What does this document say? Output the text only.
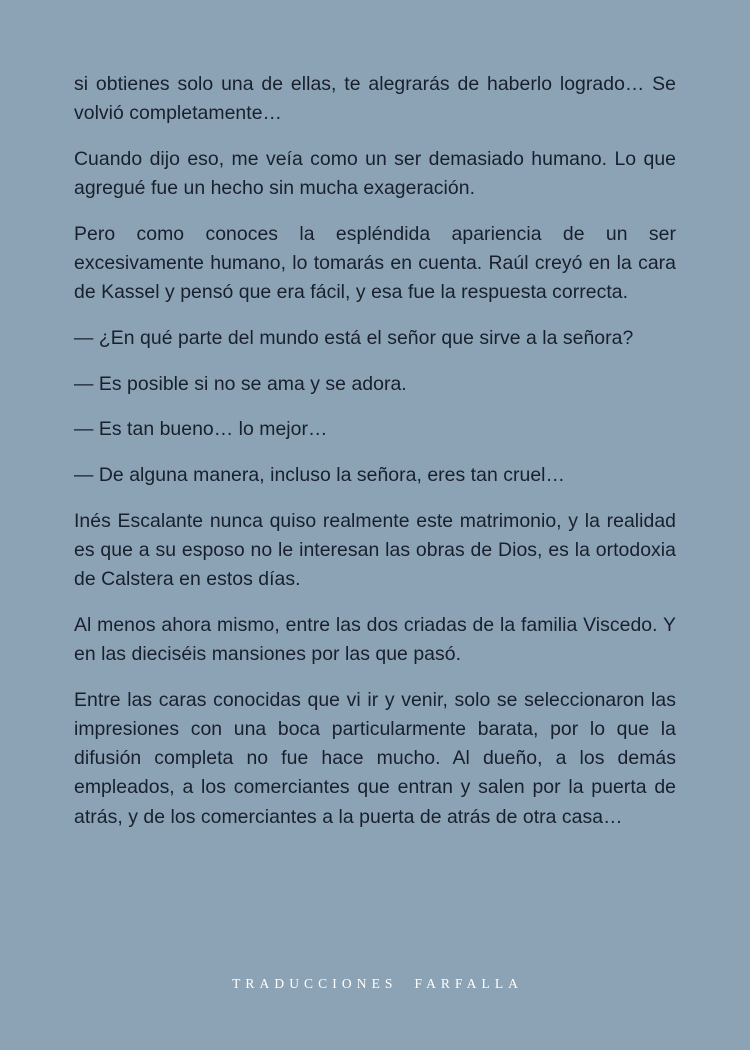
si obtienes solo una de ellas, te alegrarás de haberlo logrado… Se volvió completamente…

Cuando dijo eso, me veía como un ser demasiado humano. Lo que agregué fue un hecho sin mucha exageración.

Pero como conoces la espléndida apariencia de un ser excesivamente humano, lo tomarás en cuenta. Raúl creyó en la cara de Kassel y pensó que era fácil, y esa fue la respuesta correcta.

— ¿En qué parte del mundo está el señor que sirve a la señora?

— Es posible si no se ama y se adora.

— Es tan bueno… lo mejor…

— De alguna manera, incluso la señora, eres tan cruel…

Inés Escalante nunca quiso realmente este matrimonio, y la realidad es que a su esposo no le interesan las obras de Dios, es la ortodoxia de Calstera en estos días.

Al menos ahora mismo, entre las dos criadas de la familia Viscedo. Y en las dieciséis mansiones por las que pasó.

Entre las caras conocidas que vi ir y venir, solo se seleccionaron las impresiones con una boca particularmente barata, por lo que la difusión completa no fue hace mucho. Al dueño, a los demás empleados, a los comerciantes que entran y salen por la puerta de atrás, y de los comerciantes a la puerta de atrás de otra casa…

TRADUCCIONES  FARFALLA
